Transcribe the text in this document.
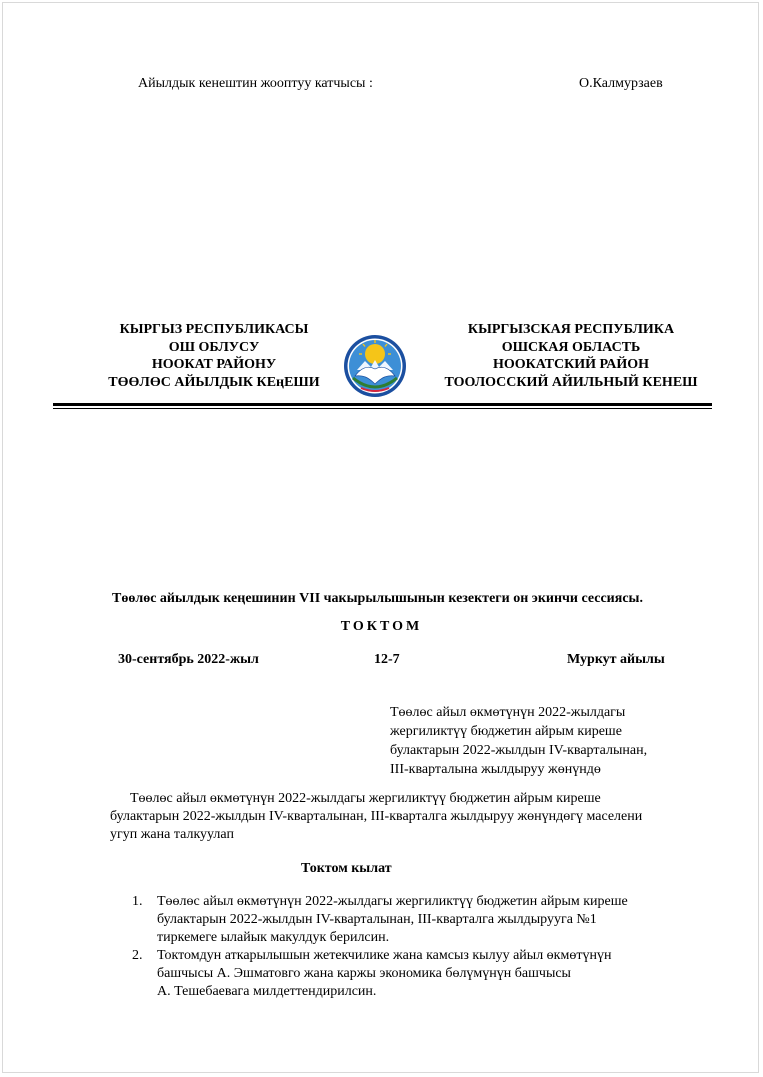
Айылдык кенештин жооптуу катчысы :	О.Калмурзаев
КЫРГЫЗ РЕСПУБЛИКАСЫ
ОШ ОБЛУСУ
НООКАТ РАЙОНУ
ТӨӨЛӨС АЙЫЛДЫК КЕңЕШИ
КЫРГЫЗСКАЯ РЕСПУБЛИКА
ОШСКАЯ ОБЛАСТЬ
НООКАТСКИЙ РАЙОН
ТООЛОССКИЙ АЙИЛЬНЫЙ КЕНЕШ
Төөлөс айылдык кеңешинин VII чакырылышынын кезектеги он экинчи сессиясы.
ТОКТОМ
30-сентябрь 2022-жыл	12-7	Муркут айылы
Төөлөс айыл өкмөтүнүн 2022-жылдагы
жергиликтүү бюджетин айрым киреше
булактарын 2022-жылдын IV-кварталынан,
III-кварталына жылдыруу жөнүндө
Төөлөс айыл өкмөтүнүн 2022-жылдагы жергиликтүү бюджетин айрым киреше
булактарын 2022-жылдын IV-кварталынан, III-кварталга жылдыруу жөнүндөгү маселени
угуп жана талкуулап
Токтом кылат
1. Төөлөс айыл өкмөтүнүн 2022-жылдагы жергиликтүү бюджетин айрым киреше
булактарын 2022-жылдын IV-кварталынан, III-кварталга жылдырууга №1
тиркемеге ылайык макулдук берилсин.
2. Токтомдун аткарылышын жетекчилике жана камсыз кылуу айыл өкмөтүнүн
башчысы А. Эшматовго жана каржы экономика бөлүмүнүн башчысы
А. Тешебаевага милдеттендирилсин.
